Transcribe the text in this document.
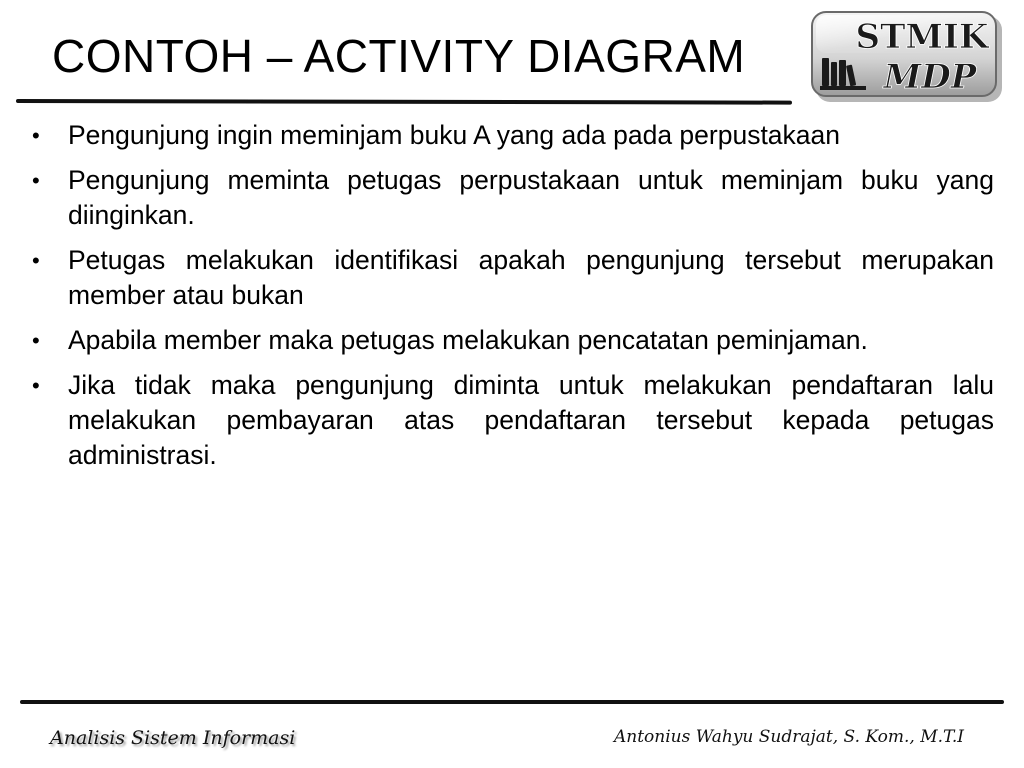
CONTOH – ACTIVITY DIAGRAM	STMIK
MDP
•	Pengunjung ingin meminjam buku A yang ada pada perpustakaan
•	Pengunjung meminta petugas perpustakaan untuk meminjam buku yang diinginkan.
•	Petugas melakukan identifikasi apakah pengunjung tersebut merupakan member atau bukan
•	Apabila member maka petugas melakukan pencatatan peminjaman.
•	Jika tidak maka pengunjung diminta untuk melakukan pendaftaran lalu melakukan pembayaran atas pendaftaran tersebut kepada petugas administrasi.
Analisis Sistem Informasi	Antonius Wahyu Sudrajat, S. Kom., M.T.I
